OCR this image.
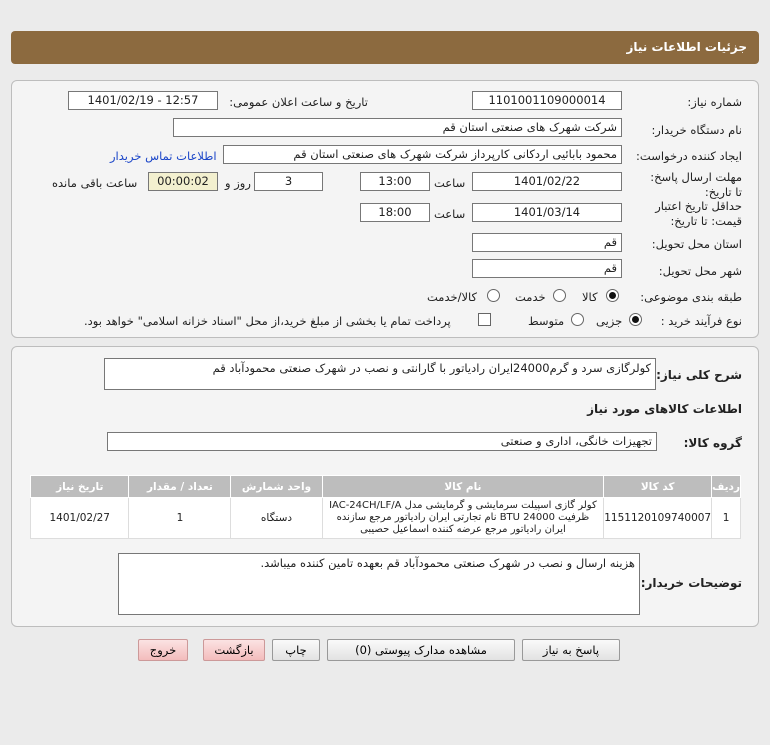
جزئیات اطلاعات نیاز
شماره نیاز:
1101001109000014
تاریخ و ساعت اعلان عمومی:
1401/02/19 - 12:57
نام دستگاه خریدار:
شرکت شهرک های صنعتی استان قم
ایجاد کننده درخواست:
محمود بابائیی اردکانی کارپرداز شرکت شهرک های صنعتی استان قم
اطلاعات تماس خریدار
مهلت ارسال پاسخ: تا تاریخ:
1401/02/22
ساعت
13:00
3
روز و
00:00:02
ساعت باقی مانده
حداقل تاریخ اعتبار قیمت: تا تاریخ:
1401/03/14
ساعت
18:00
استان محل تحویل:
قم
شهر محل تحویل:
قم
طبقه بندی موضوعی:
کالا
خدمت
کالا/خدمت
نوع فرآیند خرید :
جزیی
متوسط
پرداخت تمام یا بخشی از مبلغ خرید،از محل "اسناد خزانه اسلامی" خواهد بود.
شرح کلی نیاز:
کولرگازی سرد و گرم24000ایران رادیاتور با گارانتی و نصب در شهرک صنعتی محمودآباد قم
اطلاعات کالاهای مورد نیاز
گروه کالا:
تجهیزات خانگی، اداری و صنعتی
ردیف	کد کالا	نام کالا	واحد شمارش	تعداد / مقدار	تاریخ نیاز
1	1151120109740007	کولر گازی اسپیلت سرمایشی و گرمایشی مدل IAC-24CH/LF/A ظرفیت BTU 24000 نام تجارتی ایران رادیاتور مرجع سازنده ایران رادیاتور مرجع عرضه کننده اسماعیل حصیبی	دستگاه	1	1401/02/27
توضیحات خریدار:
هزینه ارسال و نصب در شهرک صنعتی محمودآباد قم بعهده تامین کننده میباشد.
پاسخ به نیاز
مشاهده مدارک پیوستی (0)
چاپ
بازگشت
خروج
